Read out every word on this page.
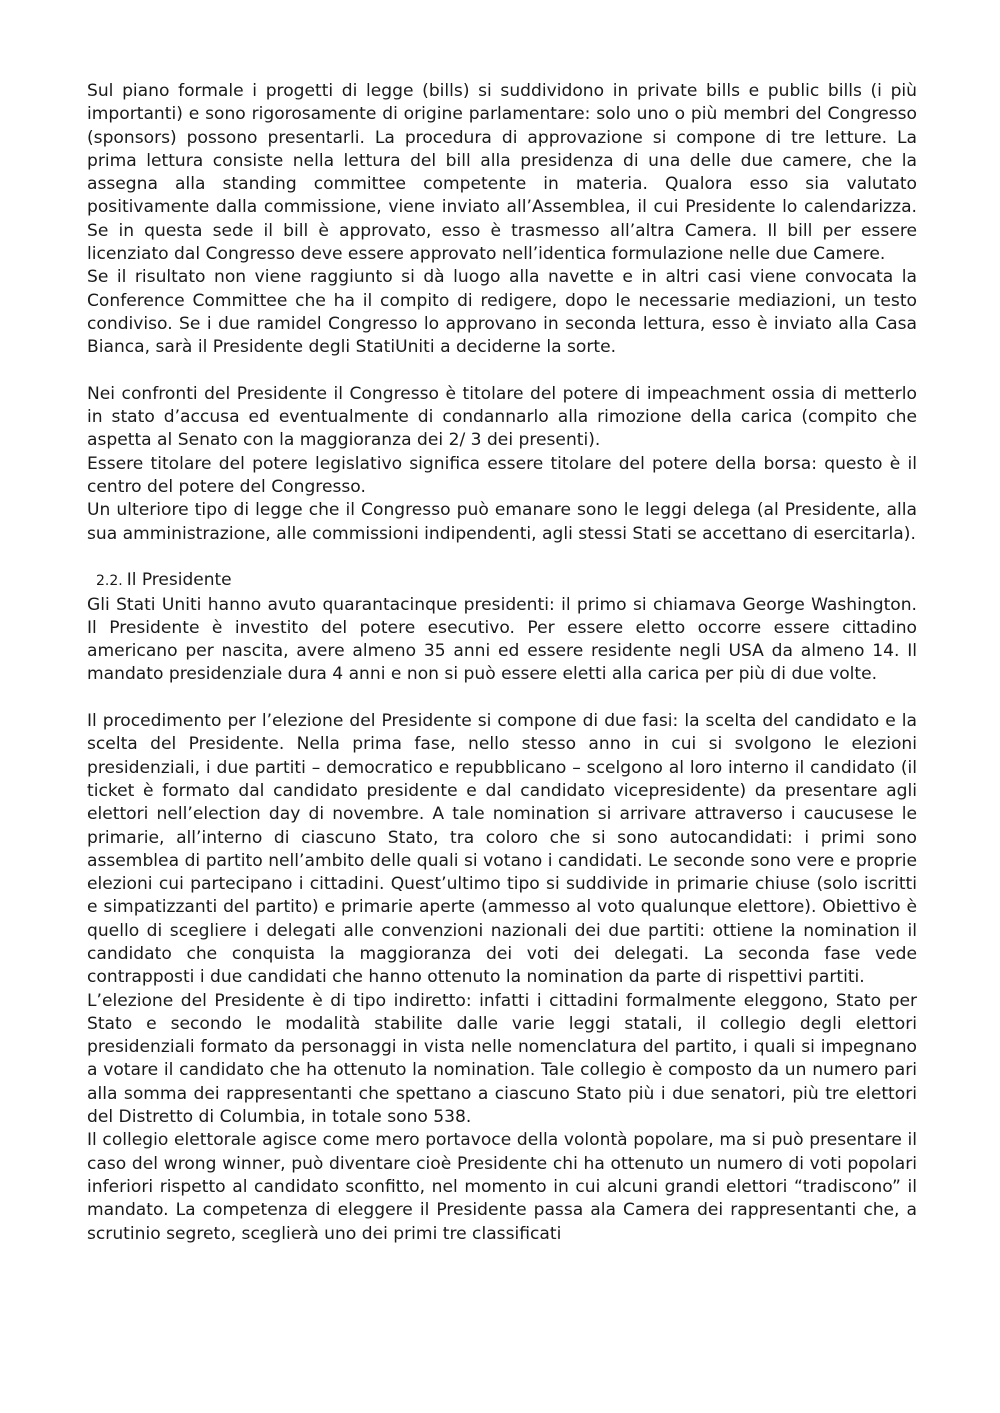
Sul piano formale i progetti di legge (bills) si suddividono in private bills e public bills (i più importanti) e sono rigorosamente di origine parlamentare: solo uno o più membri del Congresso (sponsors) possono presentarli. La procedura di approvazione si compone di tre letture. La prima lettura consiste nella lettura del bill alla presidenza di una delle due camere, che la assegna alla standing committee competente in materia. Qualora esso sia valutato positivamente dalla commissione, viene inviato all’Assemblea, il cui Presidente lo calendarizza. Se in questa sede il bill è approvato, esso è trasmesso all’altra Camera. Il bill per essere licenziato dal Congresso deve essere approvato nell’identica formulazione nelle due Camere.

Se il risultato non viene raggiunto si dà luogo alla navette e in altri casi viene convocata la Conference Committee che ha il compito di redigere, dopo le necessarie mediazioni, un testo condiviso. Se i due ramidel Congresso lo approvano in seconda lettura, esso è inviato alla Casa Bianca, sarà il Presidente degli StatiUniti a deciderne la sorte.

Nei confronti del Presidente il Congresso è titolare del potere di impeachment ossia di metterlo in stato d’accusa ed eventualmente di condannarlo alla rimozione della carica (compito che aspetta al Senato con la maggioranza dei 2/ 3 dei presenti).

Essere titolare del potere legislativo significa essere titolare del potere della borsa: questo è il centro del potere del Congresso.

Un ulteriore tipo di legge che il Congresso può emanare sono le leggi delega (al Presidente, alla sua amministrazione, alle commissioni indipendenti, agli stessi Stati se accettano di esercitarla).

2.2. Il Presidente

Gli Stati Uniti hanno avuto quarantacinque presidenti: il primo si chiamava George Washington. Il Presidente è investito del potere esecutivo. Per essere eletto occorre essere cittadino americano per nascita, avere almeno 35 anni ed essere residente negli USA da almeno 14. Il mandato presidenziale dura 4 anni e non si può essere eletti alla carica per più di due volte.

Il procedimento per l’elezione del Presidente si compone di due fasi: la scelta del candidato e la scelta del Presidente. Nella prima fase, nello stesso anno in cui si svolgono le elezioni presidenziali, i due partiti – democratico e repubblicano – scelgono al loro interno il candidato (il ticket è formato dal candidato presidente e dal candidato vicepresidente) da presentare agli elettori nell’election day di novembre. A tale nomination si arrivare attraverso i caucusese le primarie, all’interno di ciascuno Stato, tra coloro che si sono autocandidati: i primi sono assemblea di partito nell’ambito delle quali si votano i candidati. Le seconde sono vere e proprie elezioni cui partecipano i cittadini. Quest’ultimo tipo si suddivide in primarie chiuse (solo iscritti e simpatizzanti del partito) e primarie aperte (ammesso al voto qualunque elettore). Obiettivo è quello di scegliere i delegati alle convenzioni nazionali dei due partiti: ottiene la nomination il candidato che conquista la maggioranza dei voti dei delegati. La seconda fase vede contrapposti i due candidati che hanno ottenuto la nomination da parte di rispettivi partiti.

L’elezione del Presidente è di tipo indiretto: infatti i cittadini formalmente eleggono, Stato per Stato e secondo le modalità stabilite dalle varie leggi statali, il collegio degli elettori presidenziali formato da personaggi in vista nelle nomenclatura del partito, i quali si impegnano a votare il candidato che ha ottenuto la nomination. Tale collegio è composto da un numero pari alla somma dei rappresentanti che spettano a ciascuno Stato più i due senatori, più tre elettori del Distretto di Columbia, in totale sono 538.

Il collegio elettorale agisce come mero portavoce della volontà popolare, ma si può presentare il caso del wrong winner, può diventare cioè Presidente chi ha ottenuto un numero di voti popolari inferiori rispetto al candidato sconfitto, nel momento in cui alcuni grandi elettori “tradiscono” il mandato. La competenza di eleggere il Presidente passa ala Camera dei rappresentanti che, a scrutinio segreto, sceglierà uno dei primi tre classificati
